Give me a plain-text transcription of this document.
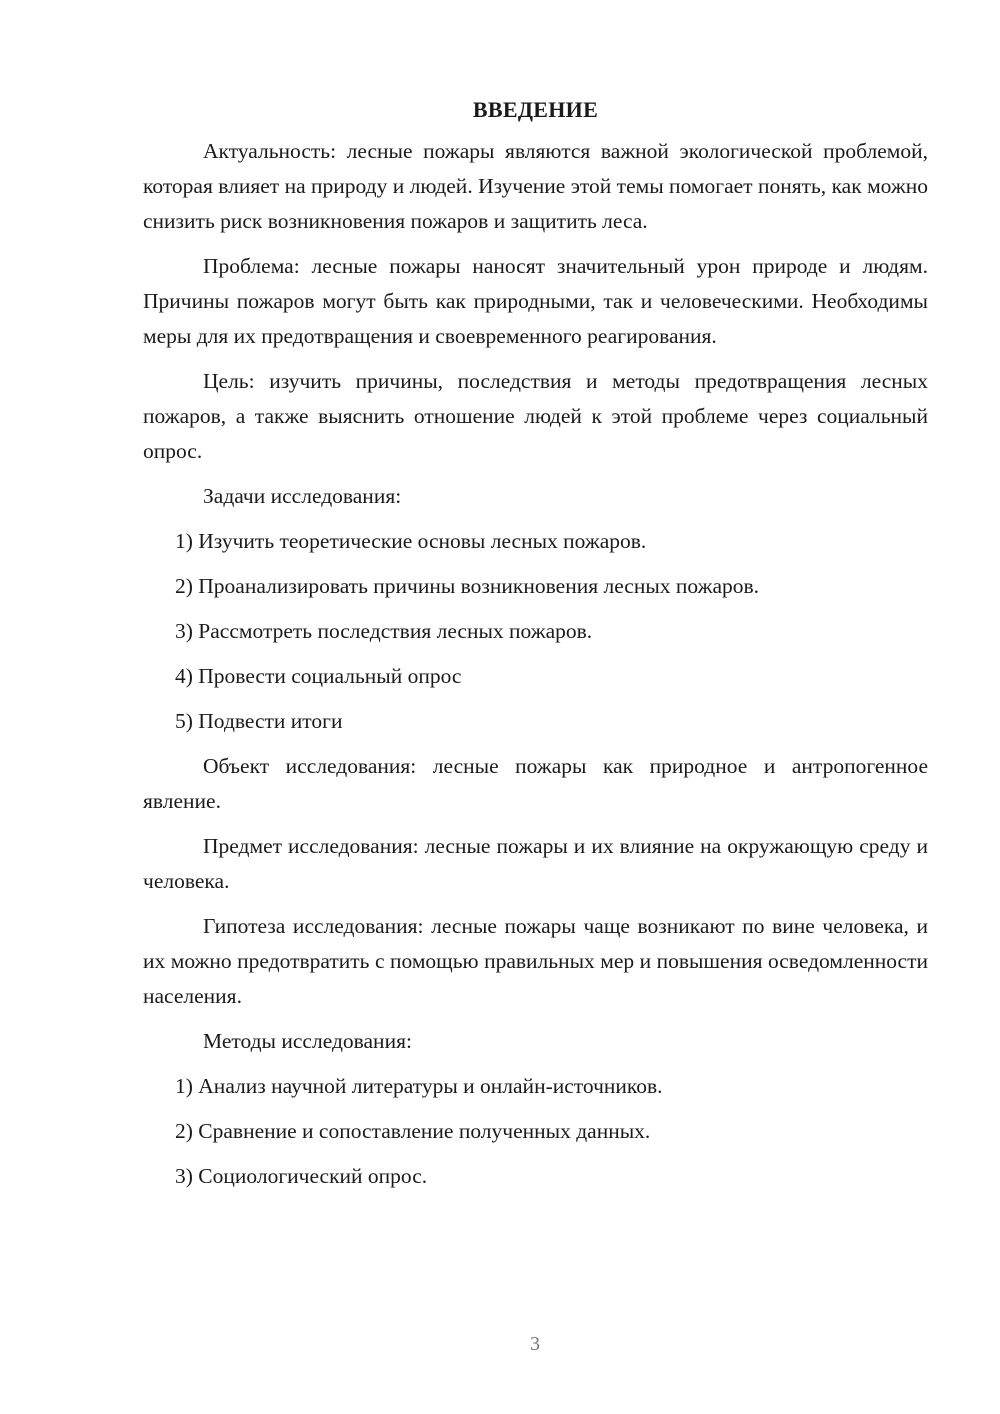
ВВЕДЕНИЕ

Актуальность: лесные пожары являются важной экологической проблемой, которая влияет на природу и людей. Изучение этой темы помогает понять, как можно снизить риск возникновения пожаров и защитить леса.

Проблема: лесные пожары наносят значительный урон природе и людям. Причины пожаров могут быть как природными, так и человеческими. Необходимы меры для их предотвращения и своевременного реагирования.

Цель: изучить причины, последствия и методы предотвращения лесных пожаров, а также выяснить отношение людей к этой проблеме через социальный опрос.

Задачи исследования:

1) Изучить теоретические основы лесных пожаров.

2) Проанализировать причины возникновения лесных пожаров.

3) Рассмотреть последствия лесных пожаров.

4) Провести социальный опрос

5) Подвести итоги

Объект исследования: лесные пожары как природное и антропогенное явление.

Предмет исследования: лесные пожары и их влияние на окружающую среду и человека.

Гипотеза исследования: лесные пожары чаще возникают по вине человека, и их можно предотвратить с помощью правильных мер и повышения осведомленности населения.

Методы исследования:

1) Анализ научной литературы и онлайн-источников.

2) Сравнение и сопоставление полученных данных.

3) Социологический опрос.

3
